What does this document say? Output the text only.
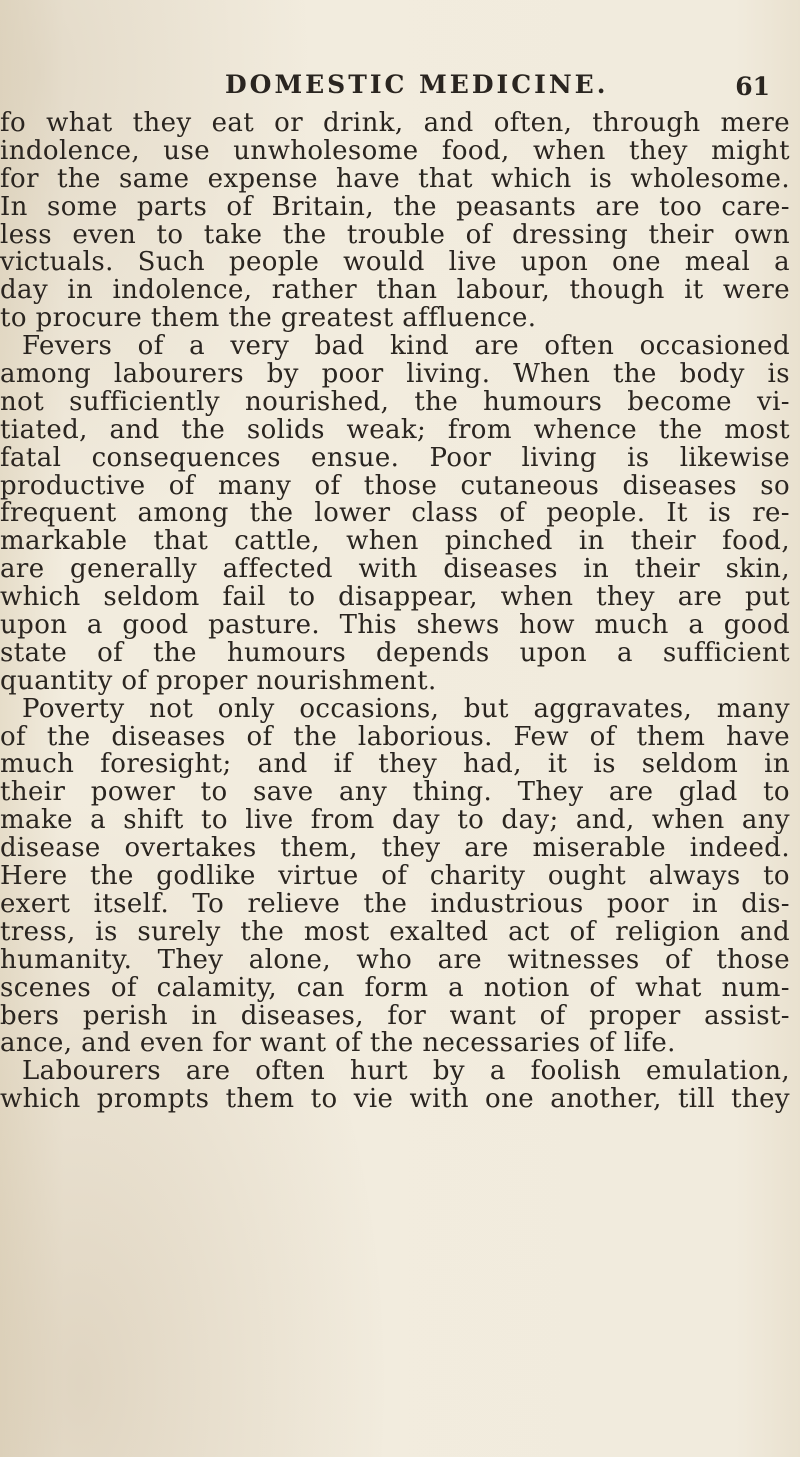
DOMESTIC MEDICINE.	61
fo what they eat or drink, and often, through mere
indolence, use unwholesome food, when they might
for the same expense have that which is wholesome.
In some parts of Britain, the peasants are too care-
less even to take the trouble of dressing their own
victuals. Such people would live upon one meal a
day in indolence, rather than labour, though it were
to procure them the greatest affluence.
Fevers of a very bad kind are often occasioned
among labourers by poor living. When the body is
not sufficiently nourished, the humours become vi-
tiated, and the solids weak; from whence the most
fatal consequences ensue. Poor living is likewise
productive of many of those cutaneous diseases so
frequent among the lower class of people. It is re-
markable that cattle, when pinched in their food,
are generally affected with diseases in their skin,
which seldom fail to disappear, when they are put
upon a good pasture. This shews how much a good
state of the humours depends upon a sufficient
quantity of proper nourishment.
Poverty not only occasions, but aggravates, many
of the diseases of the laborious. Few of them have
much foresight; and if they had, it is seldom in
their power to save any thing. They are glad to
make a shift to live from day to day; and, when any
disease overtakes them, they are miserable indeed.
Here the godlike virtue of charity ought always to
exert itself. To relieve the industrious poor in dis-
tress, is surely the most exalted act of religion and
humanity. They alone, who are witnesses of those
scenes of calamity, can form a notion of what num-
bers perish in diseases, for want of proper assist-
ance, and even for want of the necessaries of life.
Labourers are often hurt by a foolish emulation,
which prompts them to vie with one another, till they
